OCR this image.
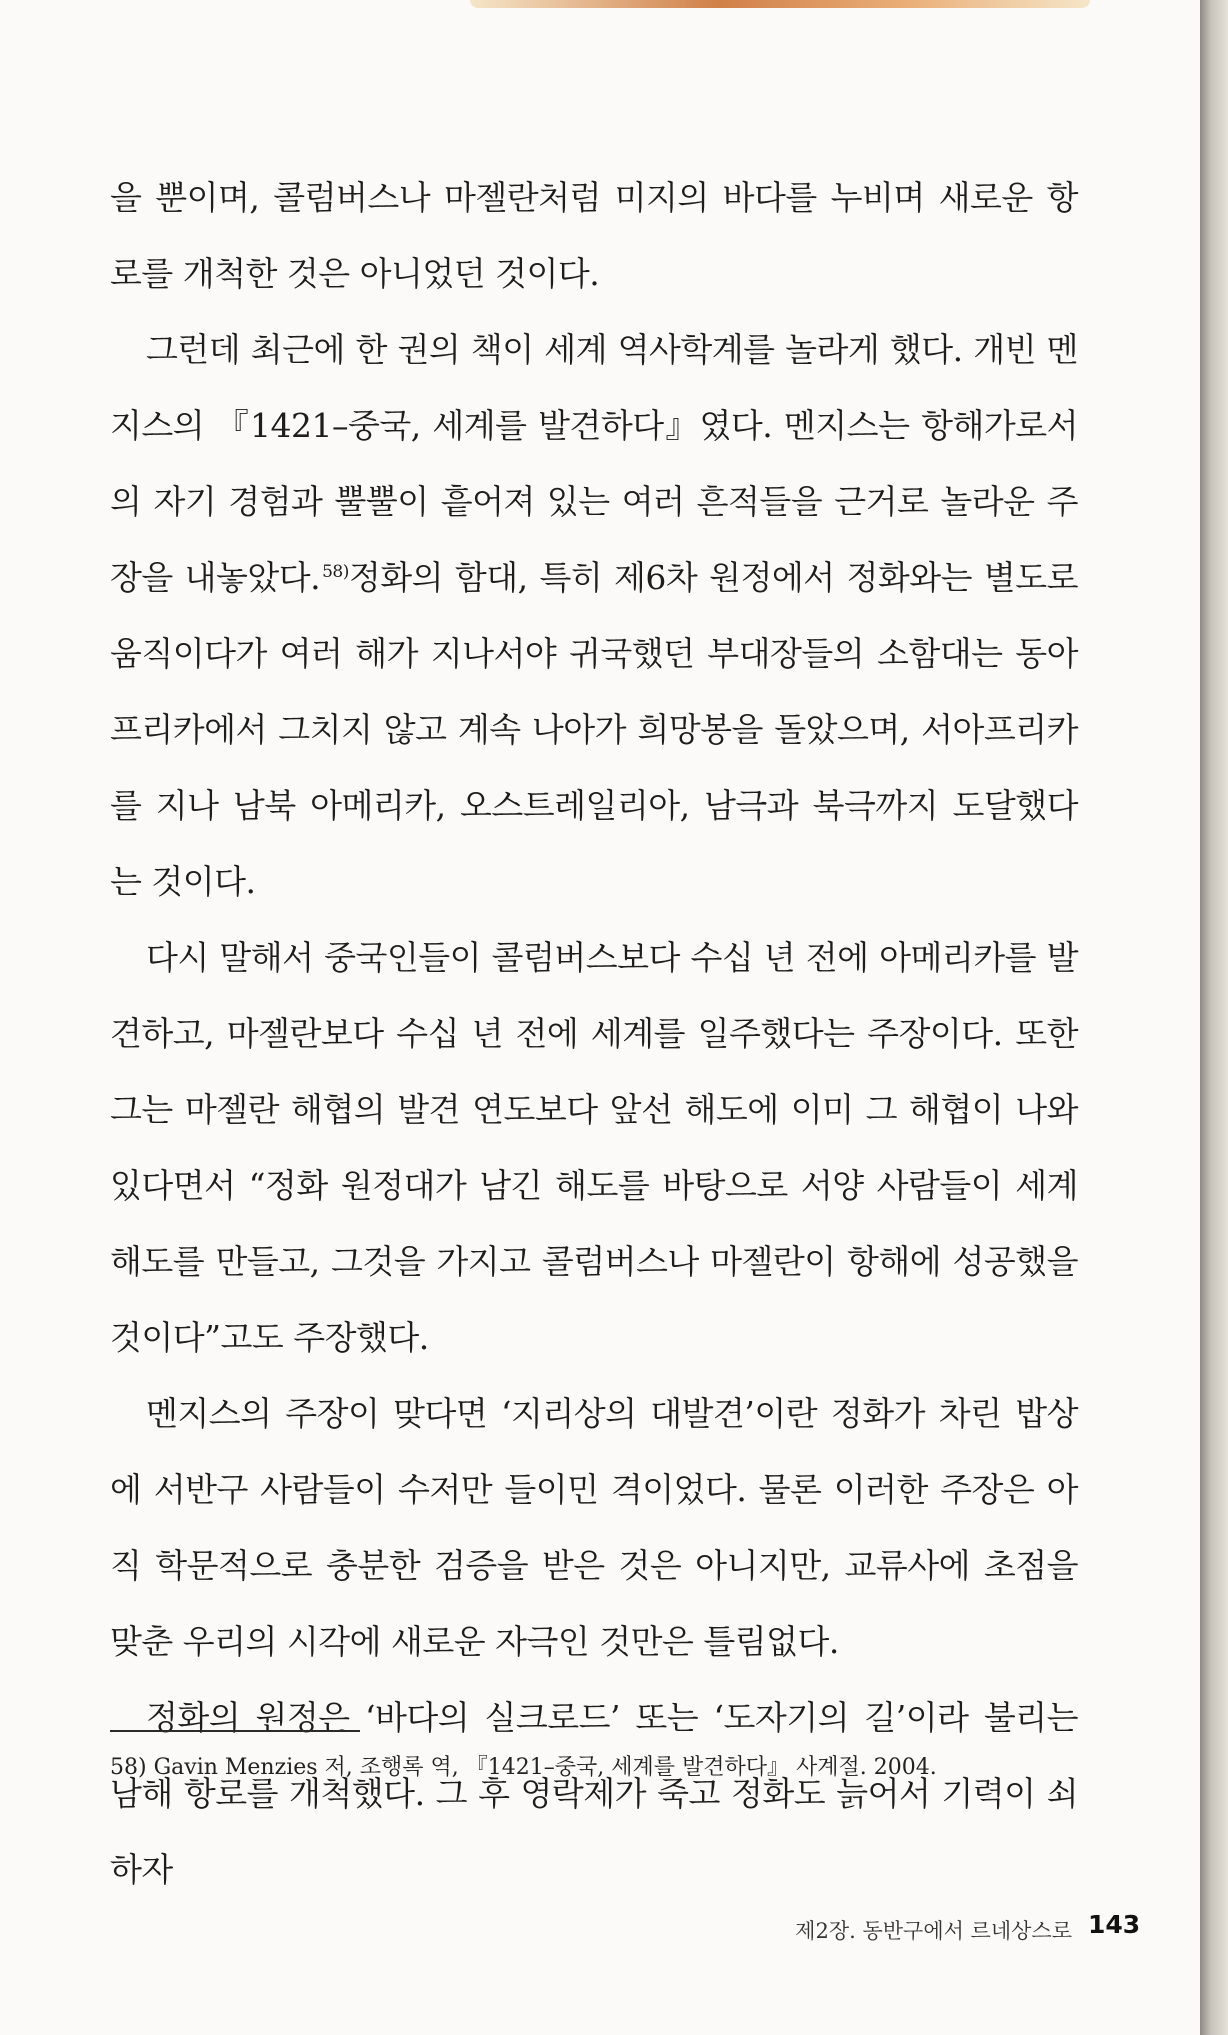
을 뿐이며, 콜럼버스나 마젤란처럼 미지의 바다를 누비며 새로운 항로를 개척한 것은 아니었던 것이다.

그런데 최근에 한 권의 책이 세계 역사학계를 놀라게 했다. 개빈 멘지스의 『1421–중국, 세계를 발견하다』였다. 멘지스는 항해가로서의 자기 경험과 뿔뿔이 흩어져 있는 여러 흔적들을 근거로 놀라운 주장을 내놓았다. $^{58)}$정화의 함대, 특히 제6차 원정에서 정화와는 별도로 움직이다가 여러 해가 지나서야 귀국했던 부대장들의 소함대는 동아프리카에서 그치지 않고 계속 나아가 희망봉을 돌았으며, 서아프리카를 지나 남북 아메리카, 오스트레일리아, 남극과 북극까지 도달했다는 것이다.

다시 말해서 중국인들이 콜럼버스보다 수십 년 전에 아메리카를 발견하고, 마젤란보다 수십 년 전에 세계를 일주했다는 주장이다. 또한 그는 마젤란 해협의 발견 연도보다 앞선 해도에 이미 그 해협이 나와 있다면서 “정화 원정대가 남긴 해도를 바탕으로 서양 사람들이 세계 해도를 만들고, 그것을 가지고 콜럼버스나 마젤란이 항해에 성공했을 것이다”고도 주장했다.

멘지스의 주장이 맞다면 ‘지리상의 대발견’이란 정화가 차린 밥상에 서반구 사람들이 수저만 들이민 격이었다. 물론 이러한 주장은 아직 학문적으로 충분한 검증을 받은 것은 아니지만, 교류사에 초점을 맞춘 우리의 시각에 새로운 자극인 것만은 틀림없다.

정화의 원정은 ‘바다의 실크로드’ 또는 ‘도자기의 길’이라 불리는 남해 항로를 개척했다. 그 후 영락제가 죽고 정화도 늙어서 기력이 쇠하자

58) Gavin Menzies 저, 조행록 역, 『1421–중국, 세계를 발견하다』 사계절. 2004.
제2장. 동반구에서 르네상스로 143
